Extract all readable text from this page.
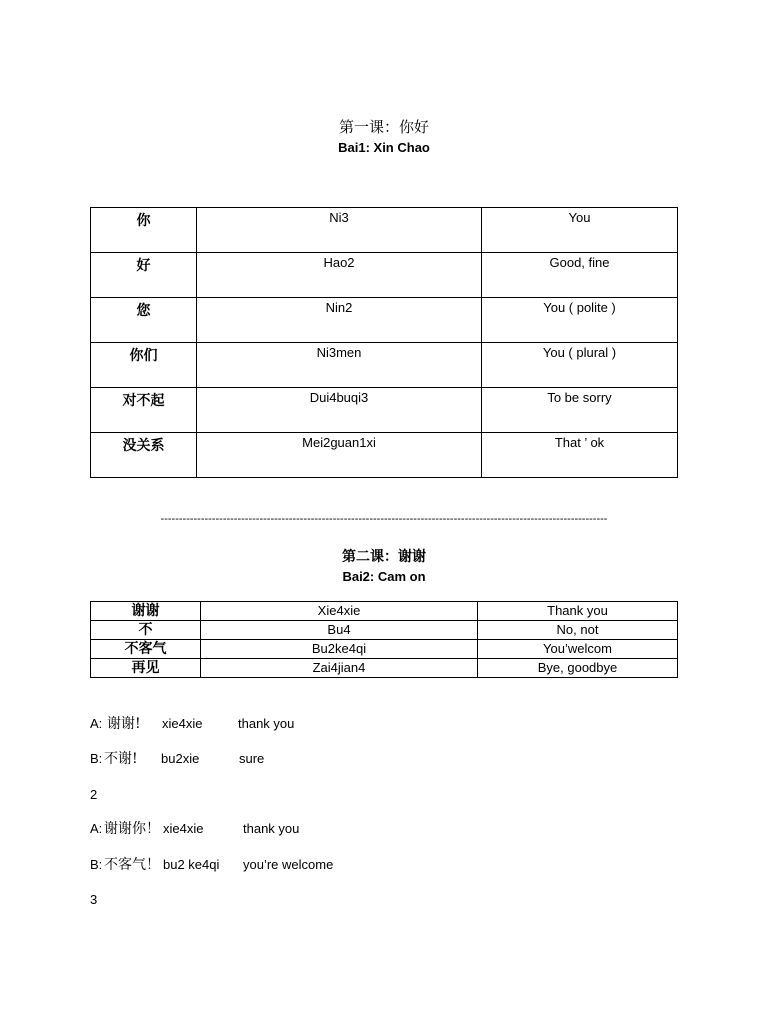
第一课：你好
Bai1: Xin Chao
你	Ni3	You
好	Hao2	Good, fine
您	Nin2	You ( polite )
你们	Ni3men	You ( plural )
对不起	Dui4buqi3	To be sorry
没关系	Mei2guan1xi	That ’ ok
--------------------------------------------------------------------------------------------------------------------------
第二课：谢谢
Bai2: Cam on
谢谢	Xie4xie	Thank you
不	Bu4	No, not
不客气	Bu2ke4qi	You’welcom
再见	Zai4jian4	Bye, goodbye
A: 谢谢! xie4xie	thank you
B: 不谢! bu2xie	sure
2
A: 谢谢你！ xie4xie	thank you
B: 不客气！ bu2 ke4qi you’re welcome
3
